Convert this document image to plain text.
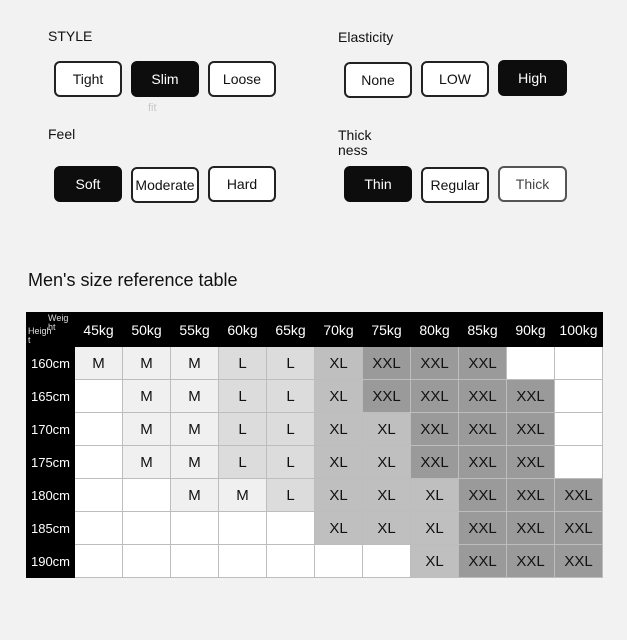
STYLE
Tight	Slim	Loose
fit
Elasticity
None	LOW	High
Feel
Soft	Moderate	Hard
Thick
ness
Thin	Regular	Thick
Men's size reference table
Weig ht
Heigh t	45kg	50kg	55kg	60kg	65kg	70kg	75kg	80kg	85kg	90kg	100kg
160cm	M	M	M	L	L	XL	XXL	XXL	XXL		
165cm		M	M	L	L	XL	XXL	XXL	XXL	XXL	
170cm		M	M	L	L	XL	XL	XXL	XXL	XXL	
175cm		M	M	L	L	XL	XL	XXL	XXL	XXL	
180cm			M	M	L	XL	XL	XL	XXL	XXL	XXL
185cm						XL	XL	XL	XXL	XXL	XXL
190cm								XL	XXL	XXL	XXL
